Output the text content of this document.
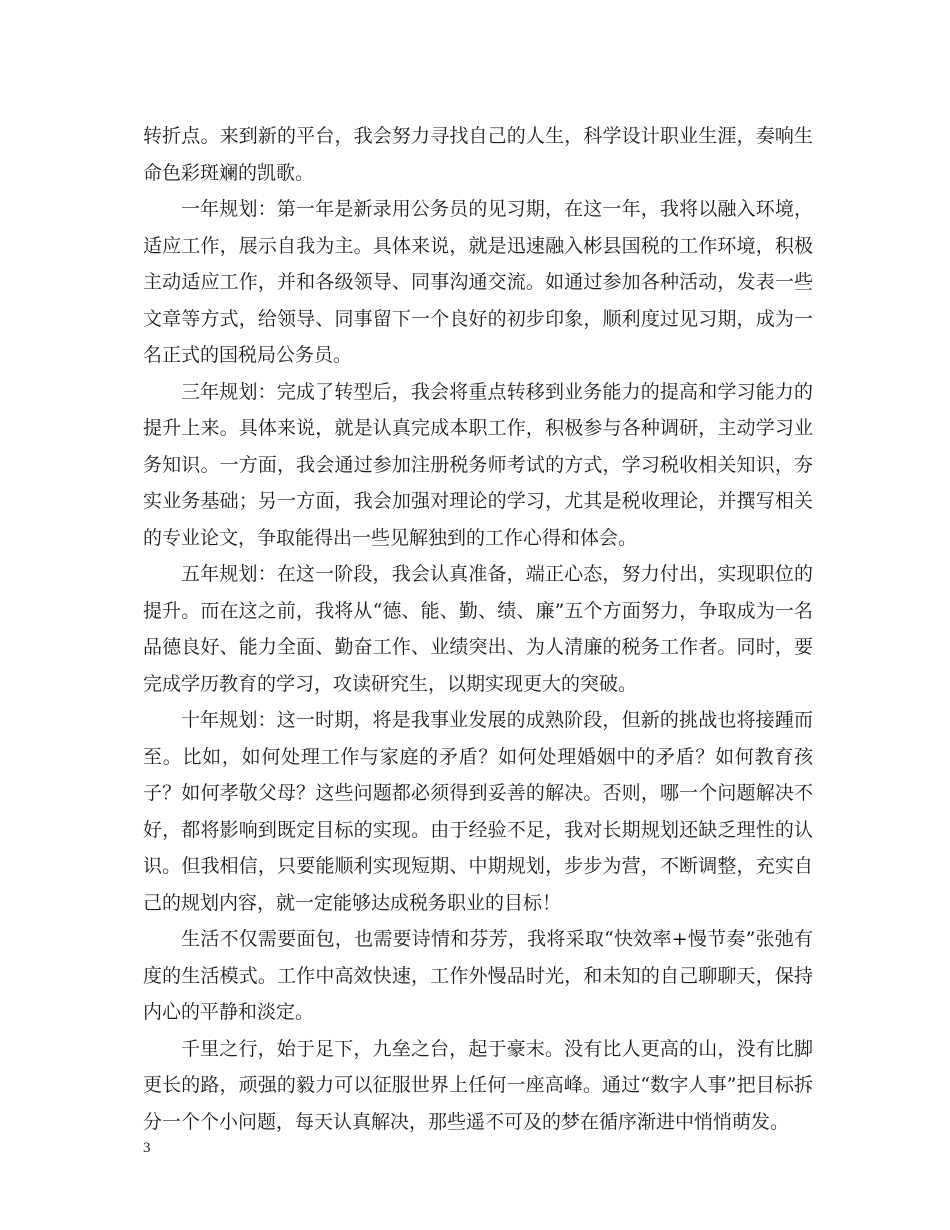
转折点。来到新的平台，我会努力寻找自己的人生，科学设计职业生涯，奏响生命色彩斑斓的凯歌。

一年规划：第一年是新录用公务员的见习期，在这一年，我将以融入环境，适应工作，展示自我为主。具体来说，就是迅速融入彬县国税的工作环境，积极主动适应工作，并和各级领导、同事沟通交流。如通过参加各种活动，发表一些文章等方式，给领导、同事留下一个良好的初步印象，顺利度过见习期，成为一名正式的国税局公务员。

三年规划：完成了转型后，我会将重点转移到业务能力的提高和学习能力的提升上来。具体来说，就是认真完成本职工作，积极参与各种调研，主动学习业务知识。一方面，我会通过参加注册税务师考试的方式，学习税收相关知识，夯实业务基础；另一方面，我会加强对理论的学习，尤其是税收理论，并撰写相关的专业论文，争取能得出一些见解独到的工作心得和体会。

五年规划：在这一阶段，我会认真准备，端正心态，努力付出，实现职位的提升。而在这之前，我将从“德、能、勤、绩、廉”五个方面努力，争取成为一名品德良好、能力全面、勤奋工作、业绩突出、为人清廉的税务工作者。同时，要完成学历教育的学习，攻读研究生，以期实现更大的突破。

十年规划：这一时期，将是我事业发展的成熟阶段，但新的挑战也将接踵而至。比如，如何处理工作与家庭的矛盾？如何处理婚姻中的矛盾？如何教育孩子？如何孝敬父母？这些问题都必须得到妥善的解决。否则，哪一个问题解决不好，都将影响到既定目标的实现。由于经验不足，我对长期规划还缺乏理性的认识。但我相信，只要能顺利实现短期、中期规划，步步为营，不断调整，充实自己的规划内容，就一定能够达成税务职业的目标！

生活不仅需要面包，也需要诗情和芬芳，我将采取“快效率+慢节奏”张弛有度的生活模式。工作中高效快速，工作外慢品时光，和未知的自己聊聊天，保持内心的平静和淡定。

千里之行，始于足下，九垒之台，起于豪末。没有比人更高的山，没有比脚更长的路，顽强的毅力可以征服世界上任何一座高峰。通过“数字人事”把目标拆分一个个小问题，每天认真解决，那些遥不可及的梦在循序渐进中悄悄萌发。

3
